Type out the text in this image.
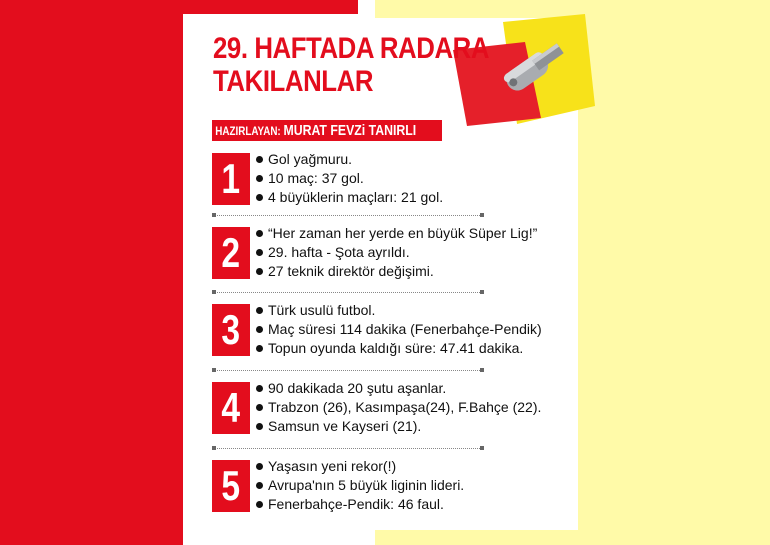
29. HAFTADA RADARA
TAKILANLAR
HAZIRLAYAN: MURAT FEVZi TANIRLI
1	Gol yağmuru.
10 maç: 37 gol.
4 büyüklerin maçları: 21 gol.
2	“Her zaman her yerde en büyük Süper Lig!”
29. hafta - Şota ayrıldı.
27 teknik direktör değişimi.
3	Türk usulü futbol.
Maç süresi 114 dakika (Fenerbahçe-Pendik)
Topun oyunda kaldığı süre: 47.41 dakika.
4	90 dakikada 20 şutu aşanlar.
Trabzon (26), Kasımpaşa(24), F.Bahçe (22).
Samsun ve Kayseri (21).
5	Yaşasın yeni rekor(!)
Avrupa'nın 5 büyük liginin lideri.
Fenerbahçe-Pendik: 46 faul.
